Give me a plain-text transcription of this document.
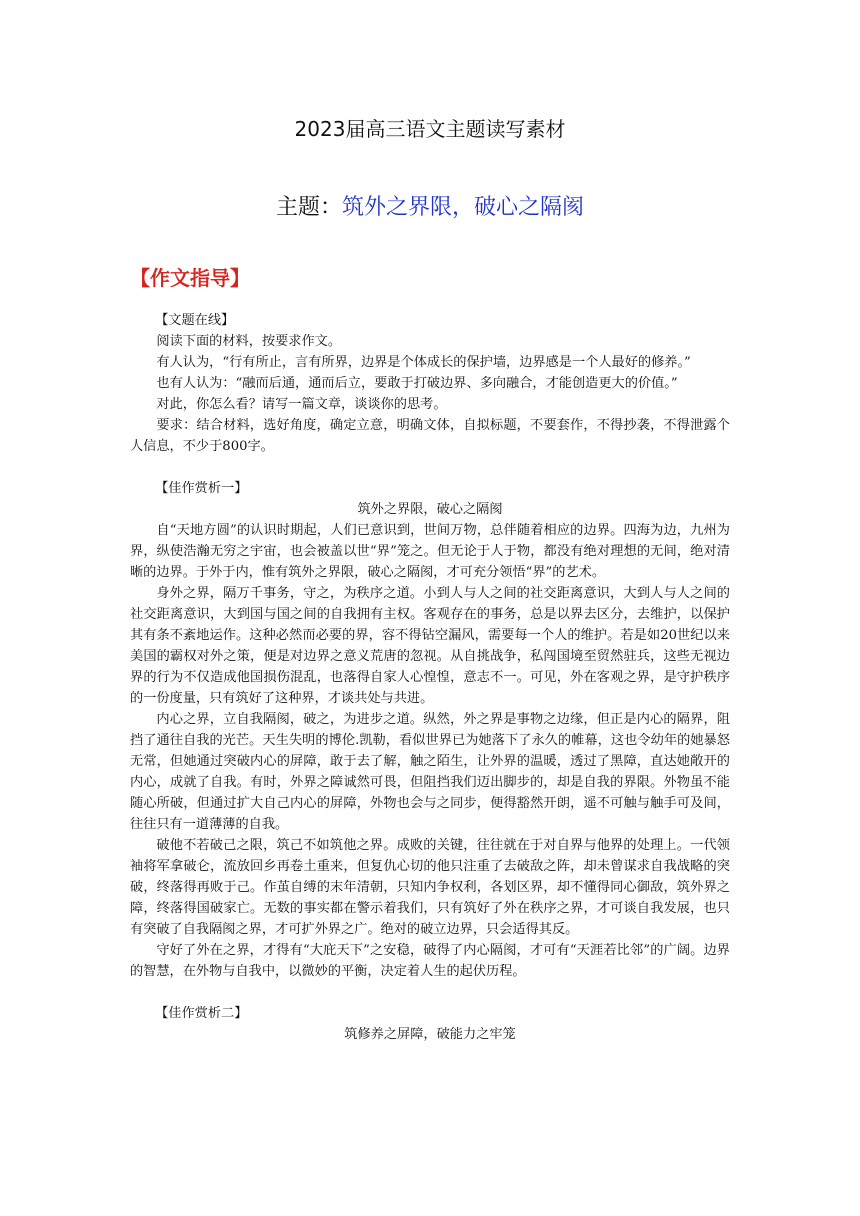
2023届高三语文主题读写素材
主题：筑外之界限，破心之隔阂
【作文指导】
【文题在线】

阅读下面的材料，按要求作文。

有人认为，“行有所止，言有所界，边界是个体成长的保护墙，边界感是一个人最好的修养。”

也有人认为：“融而后通，通而后立，要敢于打破边界、多向融合，才能创造更大的价值。”

对此，你怎么看？请写一篇文章，谈谈你的思考。

要求：结合材料，选好角度，确定立意，明确文体，自拟标题，不要套作，不得抄袭，不得泄露个人信息，不少于800字。

【佳作赏析一】
筑外之界限，破心之隔阂

自“天地方圆”的认识时期起，人们已意识到，世间万物，总伴随着相应的边界。四海为边，九州为界，纵使浩瀚无穷之宇宙，也会被盖以世“界”笼之。但无论于人于物，都没有绝对理想的无间，绝对清晰的边界。于外于内，惟有筑外之界限，破心之隔阂，才可充分领悟“界”的艺术。

身外之界，隔万千事务，守之，为秩序之道。小到人与人之间的社交距离意识，大到人与人之间的社交距离意识，大到国与国之间的自我拥有主权。客观存在的事务，总是以界去区分，去维护，以保护其有条不紊地运作。这种必然而必要的界，容不得钻空漏风，需要每一个人的维护。若是如20世纪以来美国的霸权对外之策，便是对边界之意义荒唐的忽视。从自挑战争，私闯国境至贸然驻兵，这些无视边界的行为不仅造成他国损伤混乱，也落得自家人心惶惶，意志不一。可见，外在客观之界，是守护秩序的一份度量，只有筑好了这种界，才谈共处与共进。

内心之界，立自我隔阂，破之，为进步之道。纵然，外之界是事物之边缘，但正是内心的隔界，阻挡了通往自我的光芒。天生失明的博伦.凯勒，看似世界已为她落下了永久的帷幕，这也令幼年的她暴怒无常，但她通过突破内心的屏障，敢于去了解，触之陌生，让外界的温暖，透过了黑障，直达她敞开的内心，成就了自我。有时，外界之障诚然可畏，但阻挡我们迈出脚步的，却是自我的界限。外物虽不能随心所破，但通过扩大自己内心的屏障，外物也会与之同步，便得豁然开朗，遥不可触与触手可及间，往往只有一道薄薄的自我。

破他不若破己之限，筑己不如筑他之界。成败的关键，往往就在于对自界与他界的处理上。一代领袖将军拿破仑，流放回乡再卷土重来，但复仇心切的他只注重了去破敌之阵，却未曾谋求自我战略的突破，终落得再败于己。作茧自缚的末年清朝，只知内争权利，各划区界，却不懂得同心御敌，筑外界之障，终落得国破家亡。无数的事实都在警示着我们，只有筑好了外在秩序之界，才可谈自我发展，也只有突破了自我隔阂之界，才可扩外界之广。绝对的破立边界，只会适得其反。

守好了外在之界，才得有“大庇天下”之安稳，破得了内心隔阂，才可有“天涯若比邻”的广阔。边界的智慧，在外物与自我中，以微妙的平衡，决定着人生的起伏历程。

【佳作赏析二】
筑修养之屏障，破能力之牢笼
